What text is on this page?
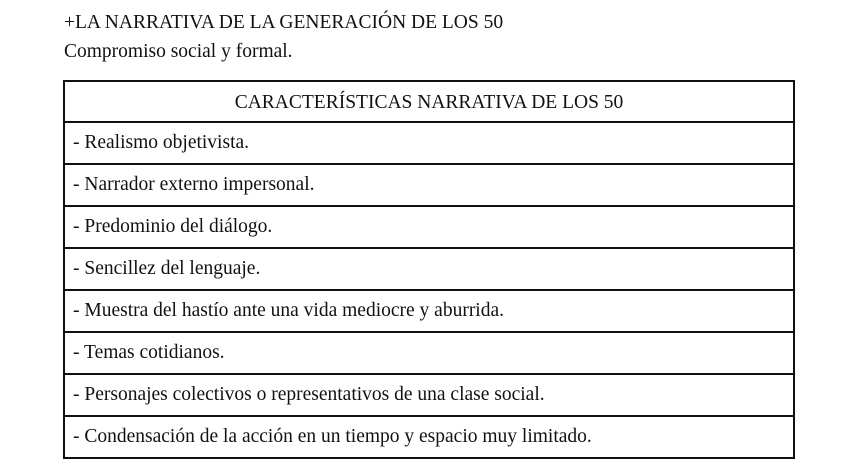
+LA NARRATIVA DE LA GENERACIÓN DE LOS 50
Compromiso social y formal.
CARACTERÍSTICAS NARRATIVA DE LOS 50
- Realismo objetivista.
- Narrador externo impersonal.
- Predominio del diálogo.
- Sencillez del lenguaje.
- Muestra del hastío ante una vida mediocre y aburrida.
- Temas cotidianos.
- Personajes colectivos o representativos de una clase social.
- Condensación de la acción en un tiempo y espacio muy limitado.
